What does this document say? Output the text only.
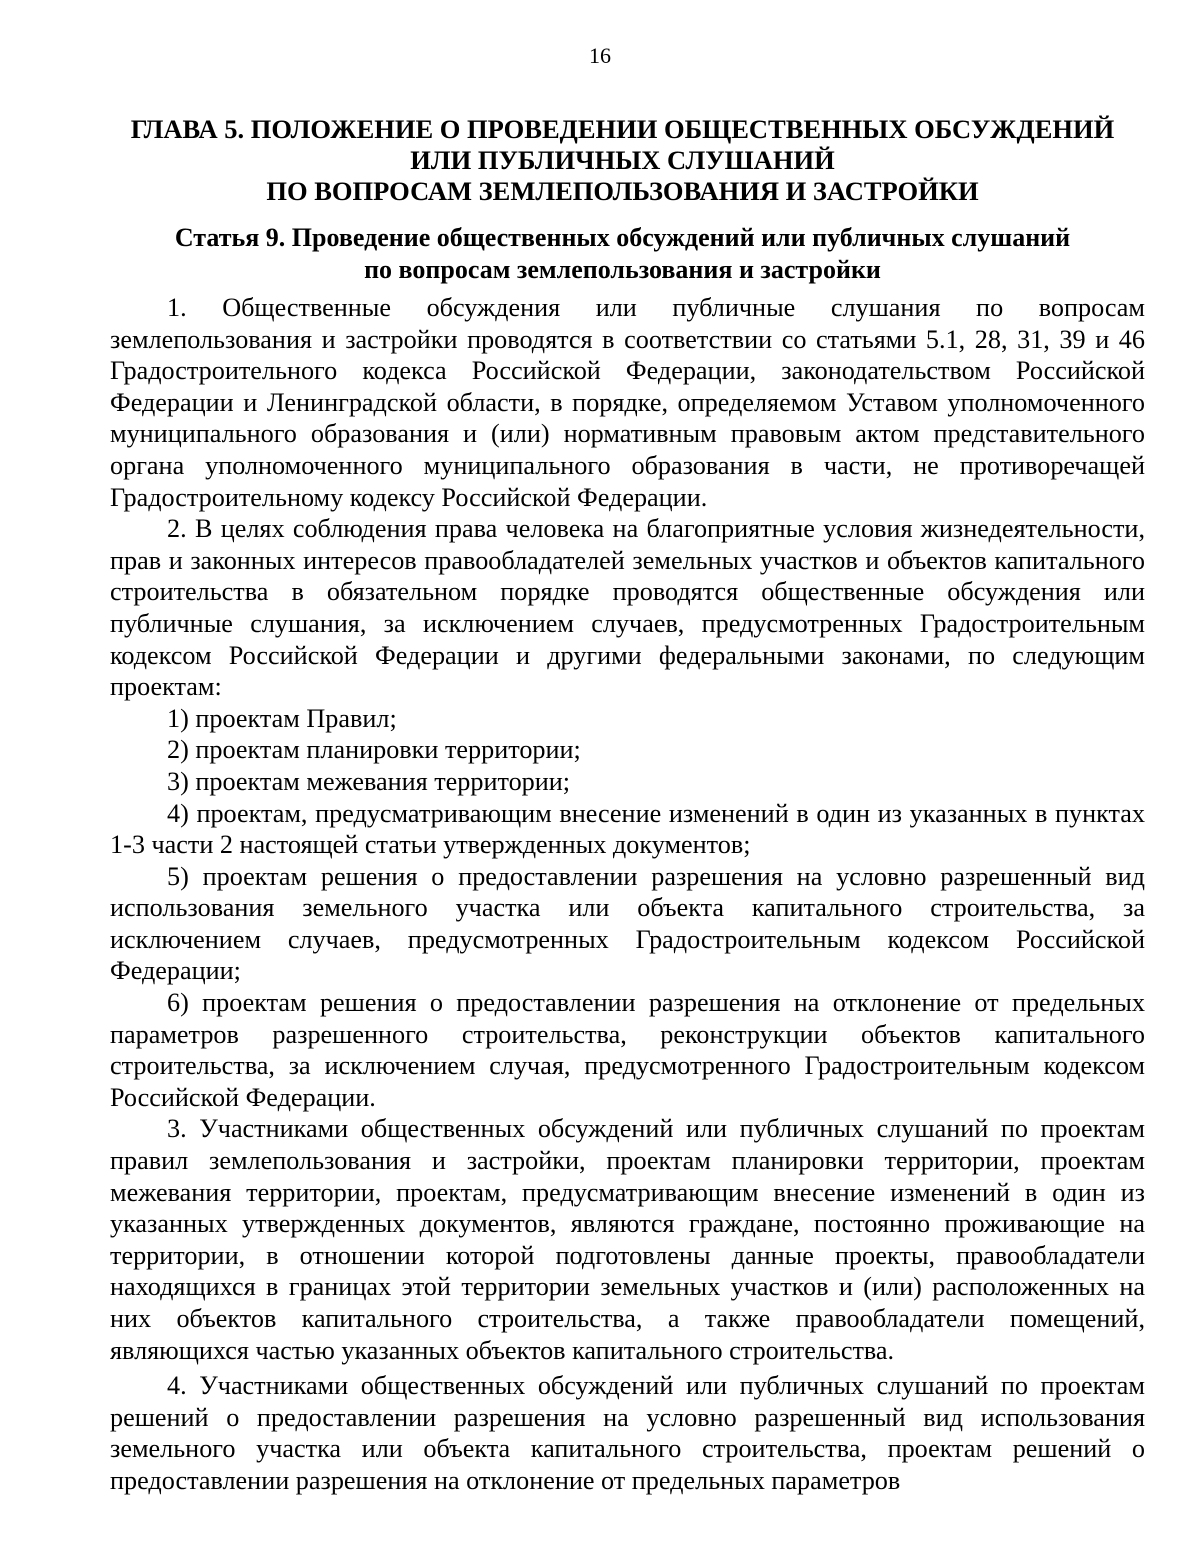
16
ГЛАВА 5. ПОЛОЖЕНИЕ О ПРОВЕДЕНИИ ОБЩЕСТВЕННЫХ ОБСУЖДЕНИЙ
ИЛИ ПУБЛИЧНЫХ СЛУШАНИЙ
ПО ВОПРОСАМ ЗЕМЛЕПОЛЬЗОВАНИЯ И ЗАСТРОЙКИ
Статья 9. Проведение общественных обсуждений или публичных слушаний
по вопросам землепользования и застройки

1. Общественные обсуждения или публичные слушания по вопросам землепользования и застройки проводятся в соответствии со статьями 5.1, 28, 31, 39 и 46 Градостроительного кодекса Российской Федерации, законодательством Российской Федерации и Ленинградской области, в порядке, определяемом Уставом уполномоченного муниципального образования и (или) нормативным правовым актом представительного органа уполномоченного муниципального образования в части, не противоречащей Градостроительному кодексу Российской Федерации.

2. В целях соблюдения права человека на благоприятные условия жизнедеятельности, прав и законных интересов правообладателей земельных участков и объектов капитального строительства в обязательном порядке проводятся общественные обсуждения или публичные слушания, за исключением случаев, предусмотренных Градостроительным кодексом Российской Федерации и другими федеральными законами, по следующим проектам:

1) проектам Правил;

2) проектам планировки территории;

3) проектам межевания территории;

4) проектам, предусматривающим внесение изменений в один из указанных в пунктах 1-3 части 2 настоящей статьи утвержденных документов;

5) проектам решения о предоставлении разрешения на условно разрешенный вид использования земельного участка или объекта капитального строительства, за исключением случаев, предусмотренных Градостроительным кодексом Российской Федерации;

6) проектам решения о предоставлении разрешения на отклонение от предельных параметров разрешенного строительства, реконструкции объектов капитального строительства, за исключением случая, предусмотренного Градостроительным кодексом Российской Федерации.

3. Участниками общественных обсуждений или публичных слушаний по проектам правил землепользования и застройки, проектам планировки территории, проектам межевания территории, проектам, предусматривающим внесение изменений в один из указанных утвержденных документов, являются граждане, постоянно проживающие на территории, в отношении которой подготовлены данные проекты, правообладатели находящихся в границах этой территории земельных участков и (или) расположенных на них объектов капитального строительства, а также правообладатели помещений, являющихся частью указанных объектов капитального строительства.

4. Участниками общественных обсуждений или публичных слушаний по проектам решений о предоставлении разрешения на условно разрешенный вид использования земельного участка или объекта капитального строительства, проектам решений о предоставлении разрешения на отклонение от предельных параметров
